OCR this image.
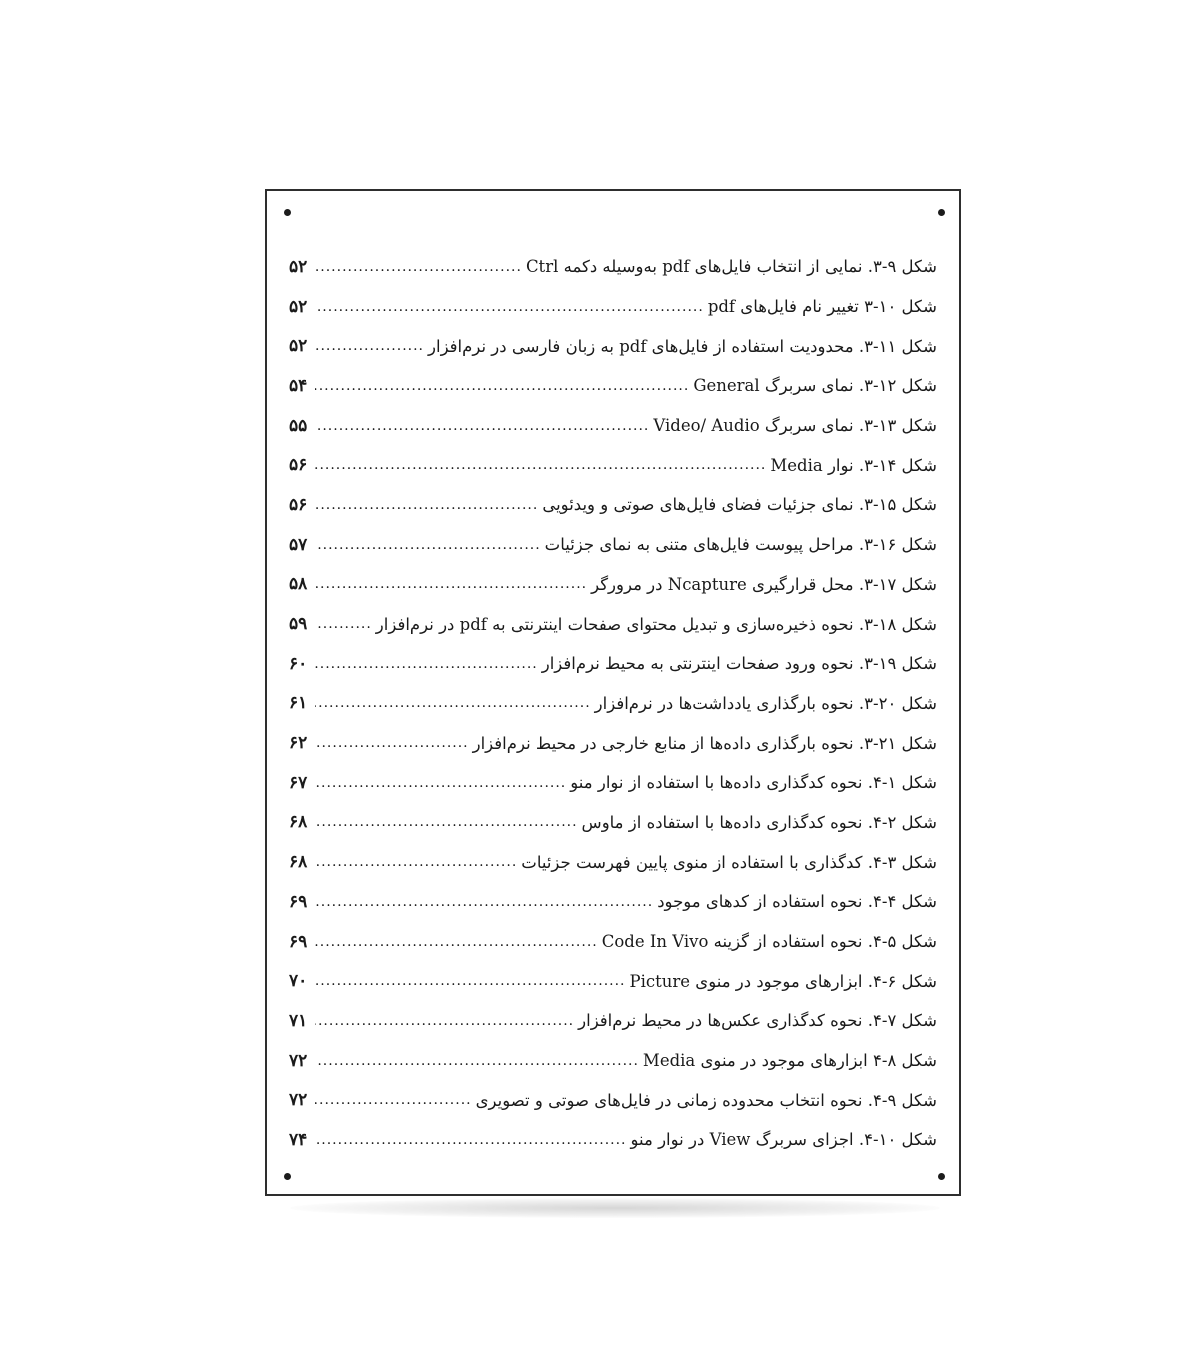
شکل ۹-۳. نمایی از انتخاب فایل‌های pdf به‌وسیله دکمه Ctrl
.....
۵۲
شکل ۱۰-۳ تغییر نام فایل‌های pdf
.....
۵۲
شکل ۱۱-۳. محدودیت استفاده از فایل‌های pdf به زبان فارسی در نرم‌افزار
.....
۵۲
شکل ۱۲-۳. نمای سربرگ General
.....
۵۴
شکل ۱۳-۳. نمای سربرگ Video/ Audio
.....
۵۵
شکل ۱۴-۳. نوار Media
.....
۵۶
شکل ۱۵-۳. نمای جزئیات فضای فایل‌های صوتی و ویدئویی
.....
۵۶
شکل ۱۶-۳. مراحل پیوست فایل‌های متنی به نمای جزئیات
.....
۵۷
شکل ۱۷-۳. محل قرارگیری Ncapture در مرورگر
.....
۵۸
شکل ۱۸-۳. نحوه ذخیره‌سازی و تبدیل محتوای صفحات اینترنتی به pdf در نرم‌افزار
.....
۵۹
شکل ۱۹-۳. نحوه ورود صفحات اینترنتی به محیط نرم‌افزار
.....
۶۰
شکل ۲۰-۳. نحوه بارگذاری یادداشت‌ها در نرم‌افزار
.....
۶۱
شکل ۲۱-۳. نحوه بارگذاری داده‌ها از منابع خارجی در محیط نرم‌افزار
.....
۶۲
شکل ۱-۴. نحوه کدگذاری داده‌ها با استفاده از نوار منو
.....
۶۷
شکل ۲-۴. نحوه کدگذاری داده‌ها با استفاده از ماوس
.....
۶۸
شکل ۳-۴. کدگذاری با استفاده از منوی پایین فهرست جزئیات
.....
۶۸
شکل ۴-۴. نحوه استفاده از کدهای موجود
.....
۶۹
شکل ۵-۴. نحوه استفاده از گزینه Code In Vivo
.....
۶۹
شکل ۶-۴. ابزارهای موجود در منوی Picture
.....
۷۰
شکل ۷-۴. نحوه کدگذاری عکس‌ها در محیط نرم‌افزار
.....
۷۱
شکل ۸-۴ ابزارهای موجود در منوی Media
.....
۷۲
شکل ۹-۴. نحوه انتخاب محدوده زمانی در فایل‌های صوتی و تصویری
.....
۷۲
شکل ۱۰-۴. اجزای سربرگ View در نوار منو
.....
۷۴
